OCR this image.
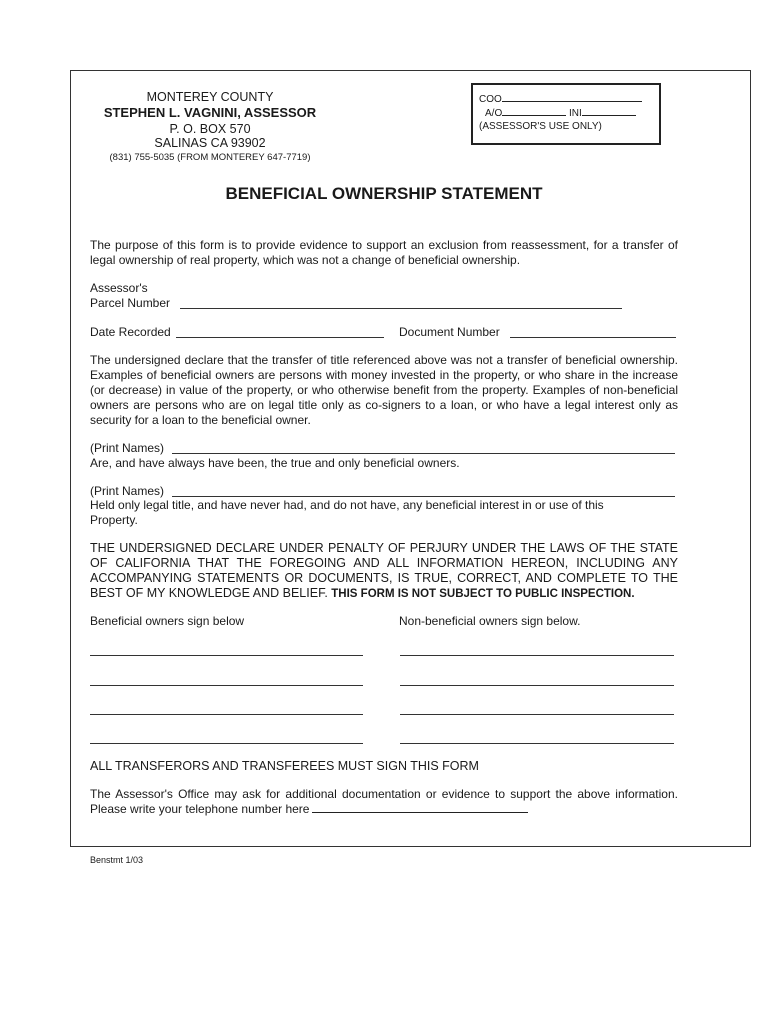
MONTEREY COUNTY
STEPHEN L. VAGNINI, ASSESSOR
P. O. BOX 570
SALINAS CA 93902
(831) 755-5035 (FROM MONTEREY 647-7719)
COO
A/O	INI
(ASSESSOR'S USE ONLY)
BENEFICIAL OWNERSHIP STATEMENT
The purpose of this form is to provide evidence to support an exclusion from reassessment, for a transfer of legal ownership of real property, which was not a change of beneficial ownership.
Assessor's
Parcel Number
Date Recorded	Document Number
The undersigned declare that the transfer of title referenced above was not a transfer of beneficial ownership. Examples of beneficial owners are persons with money invested in the property, or who share in the increase (or decrease) in value of the property, or who otherwise benefit from the property. Examples of non-beneficial owners are persons who are on legal title only as co-signers to a loan, or who have a legal interest only as security for a loan to the beneficial owner.
(Print Names)
Are, and have always have been, the true and only beneficial owners.
(Print Names)
Held only legal title, and have never had, and do not have, any beneficial interest in or use of this Property.
THE UNDERSIGNED DECLARE UNDER PENALTY OF PERJURY UNDER THE LAWS OF THE STATE OF CALIFORNIA THAT THE FOREGOING AND ALL INFORMATION HEREON, INCLUDING ANY ACCOMPANYING STATEMENTS OR DOCUMENTS, IS TRUE, CORRECT, AND COMPLETE TO THE BEST OF MY KNOWLEDGE AND BELIEF. THIS FORM IS NOT SUBJECT TO PUBLIC INSPECTION.
Beneficial owners sign below	Non-beneficial owners sign below.
ALL TRANSFERORS AND TRANSFEREES MUST SIGN THIS FORM
The Assessor's Office may ask for additional documentation or evidence to support the above information. Please write your telephone number here
Benstmt 1/03
